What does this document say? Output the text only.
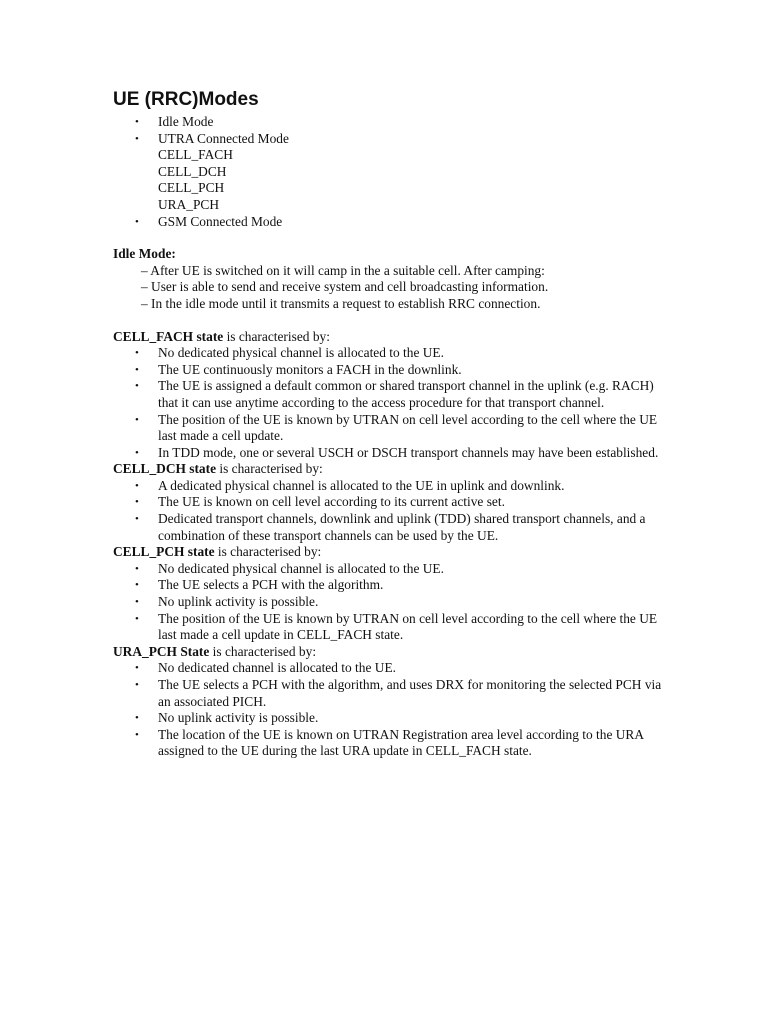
UE (RRC)Modes
• Idle Mode
• UTRA Connected Mode
CELL_FACH
CELL_DCH
CELL_PCH
URA_PCH
• GSM Connected Mode
Idle Mode:
– After UE is switched on it will camp in the a suitable cell. After camping:
– User is able to send and receive system and cell broadcasting information.
– In the idle mode until it transmits a request to establish RRC connection.
CELL_FACH state is characterised by:
• No dedicated physical channel is allocated to the UE.
• The UE continuously monitors a FACH in the downlink.
• The UE is assigned a default common or shared transport channel in the uplink (e.g. RACH) that it can use anytime according to the access procedure for that transport channel.
• The position of the UE is known by UTRAN on cell level according to the cell where the UE last made a cell update.
• In TDD mode, one or several USCH or DSCH transport channels may have been established.
CELL_DCH state is characterised by:
• A dedicated physical channel is allocated to the UE in uplink and downlink.
• The UE is known on cell level according to its current active set.
• Dedicated transport channels, downlink and uplink (TDD) shared transport channels, and a combination of these transport channels can be used by the UE.
CELL_PCH state is characterised by:
• No dedicated physical channel is allocated to the UE.
• The UE selects a PCH with the algorithm.
• No uplink activity is possible.
• The position of the UE is known by UTRAN on cell level according to the cell where the UE last made a cell update in CELL_FACH state.
URA_PCH State is characterised by:
• No dedicated channel is allocated to the UE.
• The UE selects a PCH with the algorithm, and uses DRX for monitoring the selected PCH via an associated PICH.
• No uplink activity is possible.
• The location of the UE is known on UTRAN Registration area level according to the URA assigned to the UE during the last URA update in CELL_FACH state.
